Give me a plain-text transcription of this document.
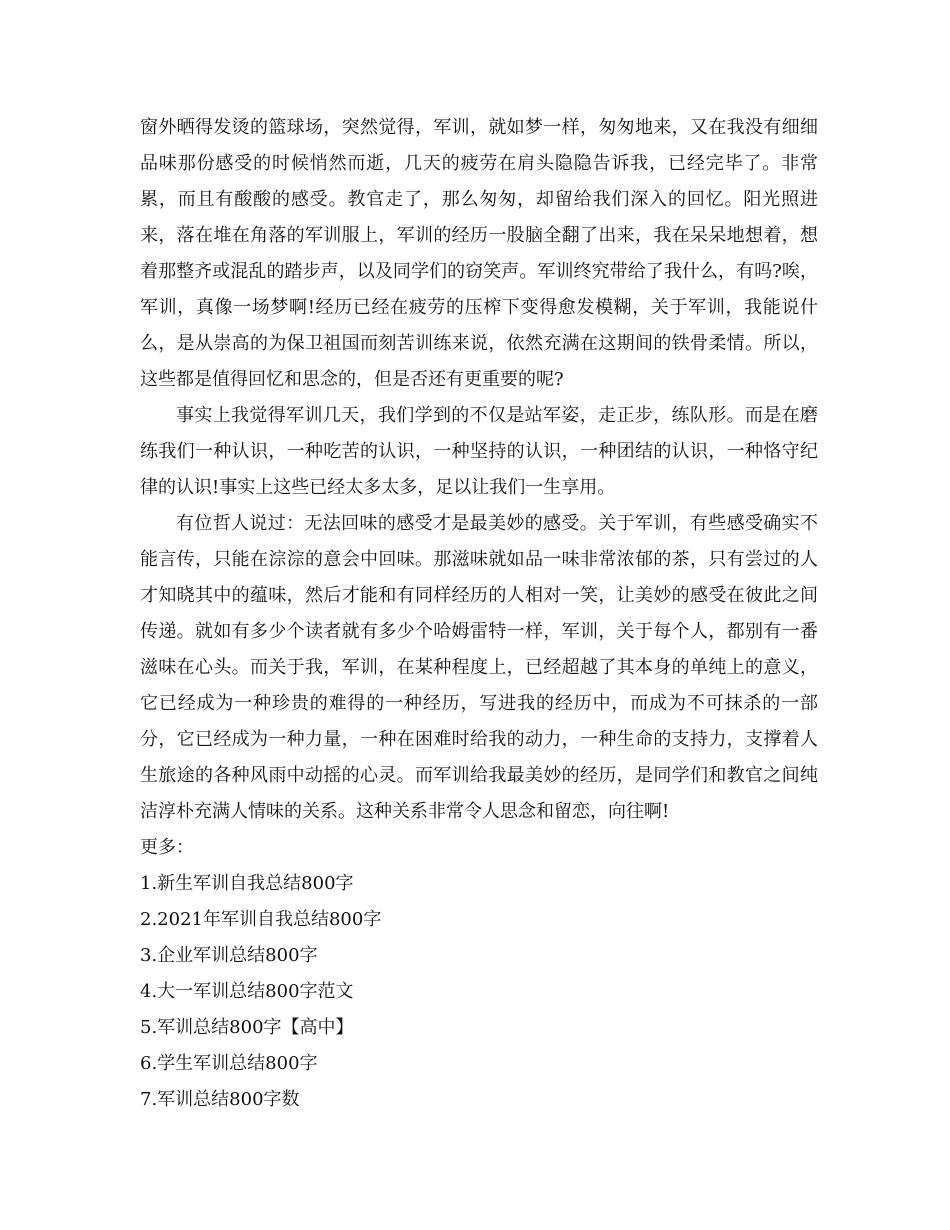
窗外晒得发烫的篮球场，突然觉得，军训，就如梦一样，匆匆地来，又在我没有细细品味那份感受的时候悄然而逝，几天的疲劳在肩头隐隐告诉我，已经完毕了。非常累，而且有酸酸的感受。教官走了，那么匆匆，却留给我们深入的回忆。阳光照进来，落在堆在角落的军训服上，军训的经历一股脑全翻了出来，我在呆呆地想着，想着那整齐或混乱的踏步声，以及同学们的窃笑声。军训终究带给了我什么，有吗?唉，军训，真像一场梦啊!经历已经在疲劳的压榨下变得愈发模糊，关于军训，我能说什么，是从崇高的为保卫祖国而刻苦训练来说，依然充满在这期间的铁骨柔情。所以，这些都是值得回忆和思念的，但是否还有更重要的呢?

事实上我觉得军训几天，我们学到的不仅是站军姿，走正步，练队形。而是在磨练我们一种认识，一种吃苦的认识，一种坚持的认识，一种团结的认识，一种恪守纪律的认识!事实上这些已经太多太多，足以让我们一生享用。

有位哲人说过：无法回味的感受才是最美妙的感受。关于军训，有些感受确实不能言传，只能在淙淙的意会中回味。那滋味就如品一味非常浓郁的茶，只有尝过的人才知晓其中的蕴味，然后才能和有同样经历的人相对一笑，让美妙的感受在彼此之间传递。就如有多少个读者就有多少个哈姆雷特一样，军训，关于每个人，都别有一番滋味在心头。而关于我，军训，在某种程度上，已经超越了其本身的单纯上的意义，它已经成为一种珍贵的难得的一种经历，写进我的经历中，而成为不可抹杀的一部分，它已经成为一种力量，一种在困难时给我的动力，一种生命的支持力，支撑着人生旅途的各种风雨中动摇的心灵。而军训给我最美妙的经历，是同学们和教官之间纯洁淳朴充满人情味的关系。这种关系非常令人思念和留恋，向往啊!

更多：

1.新生军训自我总结800字
2.2021年军训自我总结800字
3.企业军训总结800字
4.大一军训总结800字范文
5.军训总结800字【高中】
6.学生军训总结800字
7.军训总结800字数
